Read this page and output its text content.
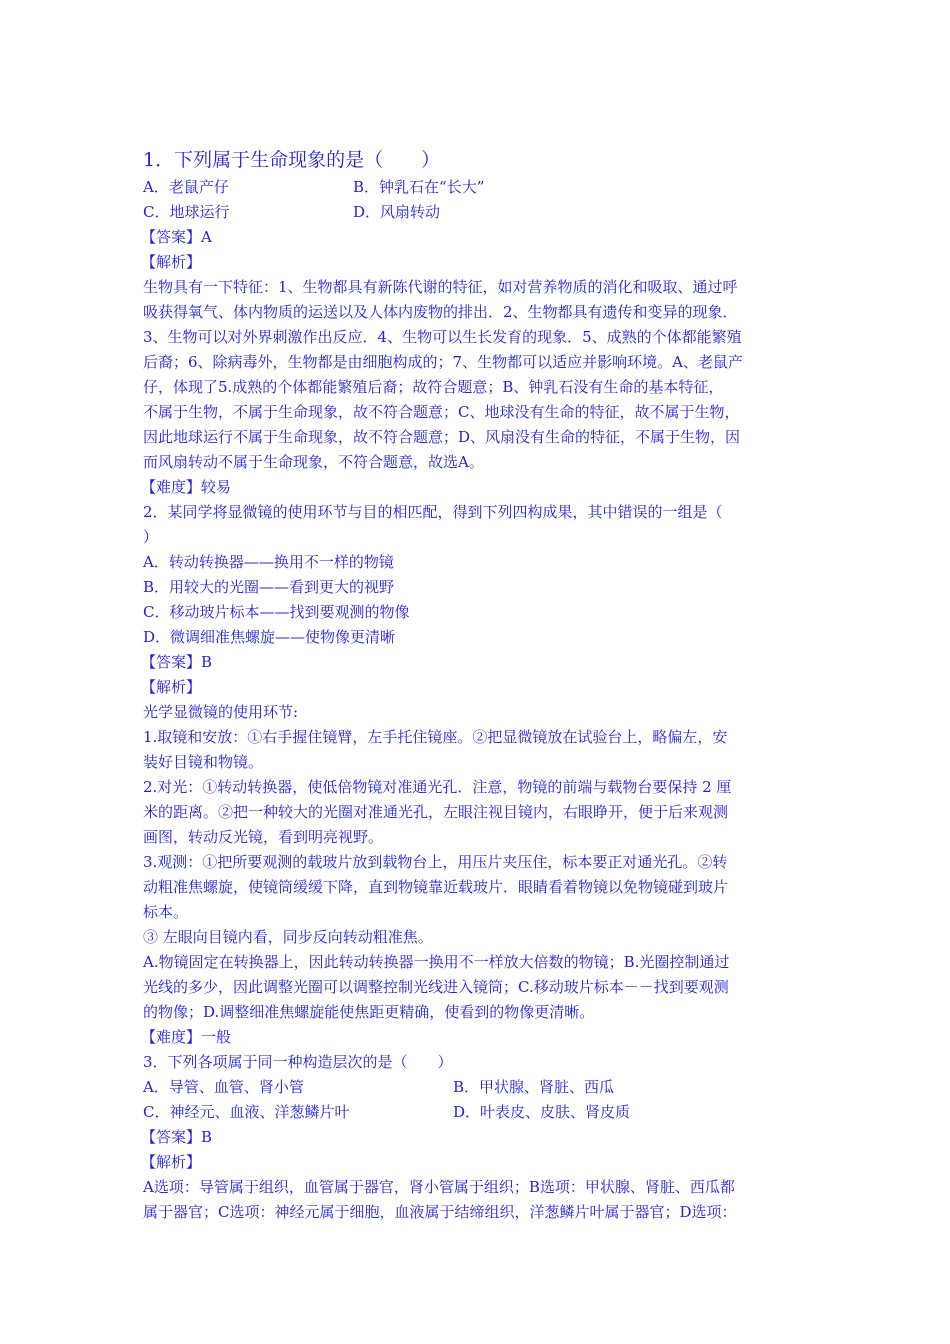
1．下列属于生命现象的是（　　）
A．老鼠产仔	B．钟乳石在“长大”
C．地球运行	D．风扇转动
【答案】A
【解析】
生物具有一下特征：1、生物都具有新陈代谢的特征，如对营养物质的消化和吸取、通过呼
吸获得氧气、体内物质的运送以及人体内废物的排出．2、生物都具有遗传和变异的现象．
3、生物可以对外界刺激作出反应．4、生物可以生长发育的现象．5、成熟的个体都能繁殖
后裔；6、除病毒外，生物都是由细胞构成的；7、生物都可以适应并影响环境。A、老鼠产
仔，体现了5.成熟的个体都能繁殖后裔；故符合题意；B、钟乳石没有生命的基本特征，
不属于生物，不属于生命现象，故不符合题意；C、地球没有生命的特征，故不属于生物，
因此地球运行不属于生命现象，故不符合题意；D、风扇没有生命的特征，不属于生物，因
而风扇转动不属于生命现象，不符合题意，故选A。
【难度】较易
2．某同学将显微镜的使用环节与目的相匹配，得到下列四构成果，其中错误的一组是（
）
A．转动转换器——换用不一样的物镜
B．用较大的光圈——看到更大的视野
C．移动玻片标本——找到要观测的物像
D．微调细准焦螺旋——使物像更清晰
【答案】B
【解析】
光学显微镜的使用环节:
1.取镜和安放：①右手握住镜臂，左手托住镜座。②把显微镜放在试验台上，略偏左，安
装好目镜和物镜。
2.对光：①转动转换器，使低倍物镜对准通光孔．注意，物镜的前端与载物台要保持 2 厘
米的距离。②把一种较大的光圈对准通光孔，左眼注视目镜内，右眼睁开，便于后来观测
画图，转动反光镜，看到明亮视野。
3.观测：①把所要观测的载玻片放到载物台上，用压片夹压住，标本要正对通光孔。②转
动粗准焦螺旋，使镜筒缓缓下降，直到物镜靠近载玻片．眼睛看着物镜以免物镜碰到玻片
标本。
③ 左眼向目镜内看，同步反向转动粗准焦。
A.物镜固定在转换器上，因此转动转换器一换用不一样放大倍数的物镜；B.光圈控制通过
光线的多少，因此调整光圈可以调整控制光线进入镜筒；C.移动玻片标本－－找到要观测
的物像；D.调整细准焦螺旋能使焦距更精确，使看到的物像更清晰。
【难度】一般
3．下列各项属于同一种构造层次的是（　　）
A．导管、血管、肾小管	B．甲状腺、肾脏、西瓜
C．神经元、血液、洋葱鳞片叶	D．叶表皮、皮肤、肾皮质
【答案】B
【解析】
A选项：导管属于组织，血管属于器官，肾小管属于组织；B选项：甲状腺、肾脏、西瓜都
属于器官；C选项：神经元属于细胞，血液属于结缔组织，洋葱鳞片叶属于器官；D选项：
